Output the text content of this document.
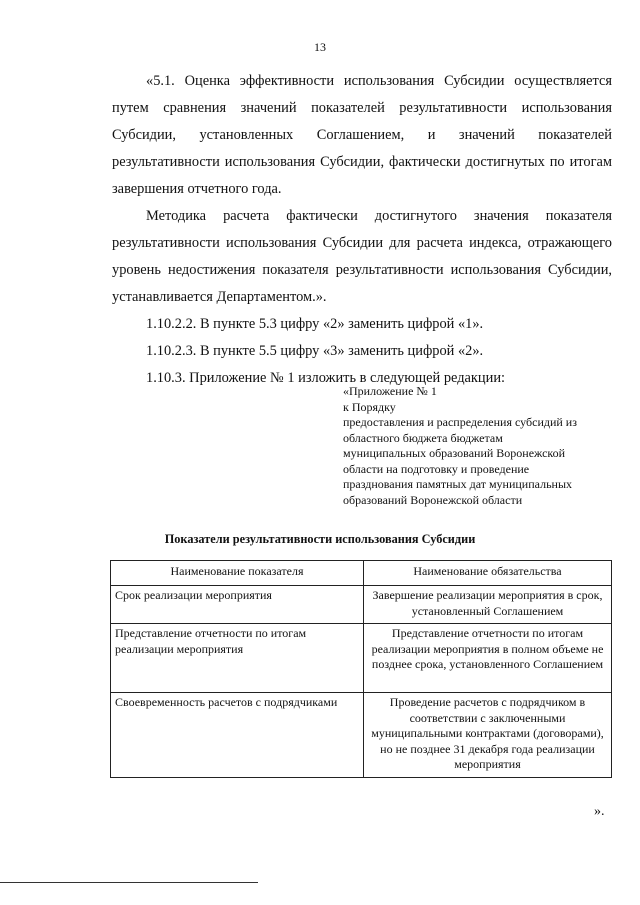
13

«5.1. Оценка эффективности использования Субсидии осуществляется путем сравнения значений показателей результативности использования Субсидии, установленных Соглашением, и значений показателей результативности использования Субсидии, фактически достигнутых по итогам завершения отчетного года.

Методика расчета фактически достигнутого значения показателя результативности использования Субсидии для расчета индекса, отражающего уровень недостижения показателя результативности использования Субсидии, устанавливается Департаментом.».

1.10.2.2. В пункте 5.3 цифру «2» заменить цифрой «1».

1.10.2.3. В пункте 5.5 цифру «3» заменить цифрой «2».

1.10.3. Приложение № 1 изложить в следующей редакции:

«Приложение № 1
к Порядку
предоставления и распределения субсидий из
областного бюджета бюджетам
муниципальных образований Воронежской
области на подготовку и проведение
празднования памятных дат муниципальных
образований Воронежской области
Показатели результативности использования Субсидии
Наименование показателя	Наименование обязательства
Срок реализации мероприятия	Завершение реализации мероприятия в срок, установленный Соглашением
Представление отчетности по итогам реализации мероприятия	Представление отчетности по итогам реализации мероприятия в полном объеме не позднее срока, установленного Соглашением
Своевременность расчетов с подрядчиками	Проведение расчетов с подрядчиком в соответствии с заключенными муниципальными контрактами (договорами), но не позднее 31 декабря года реализации мероприятия
».
